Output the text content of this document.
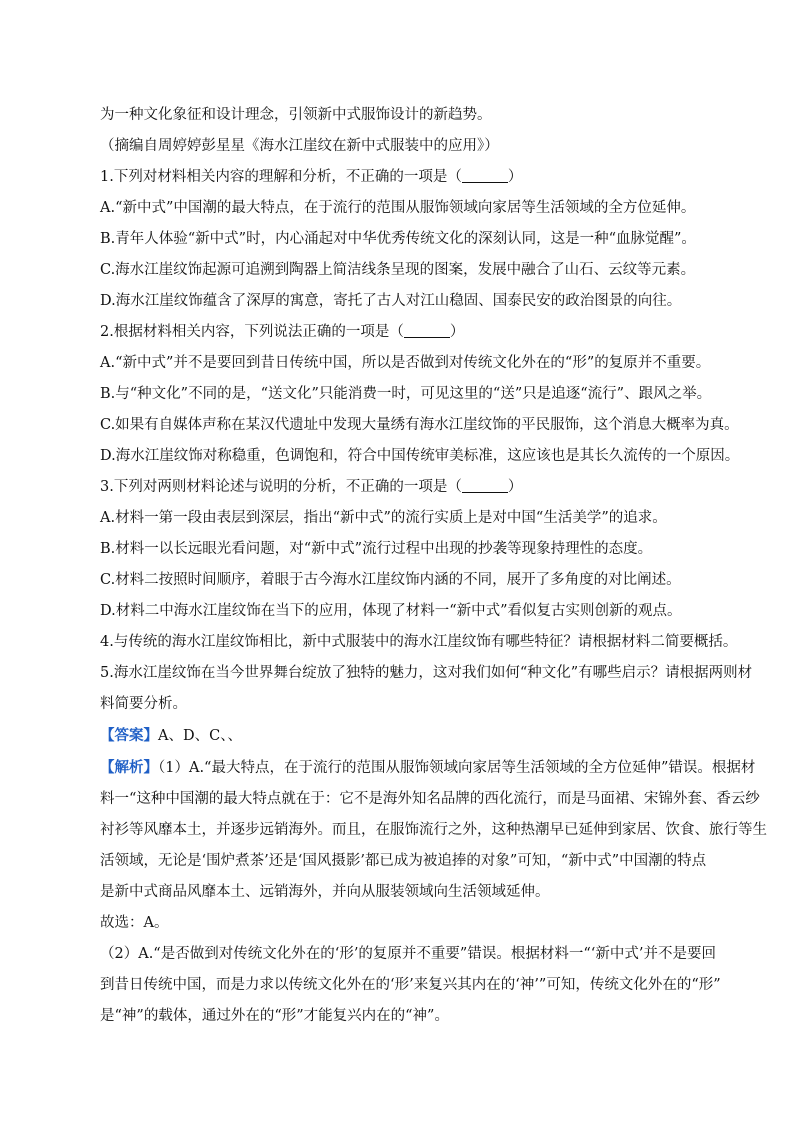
为一种文化象征和设计理念，引领新中式服饰设计的新趋势。
（摘编自周婷婷彭星星《海水江崖纹在新中式服装中的应用》）
1.下列对材料相关内容的理解和分析，不正确的一项是（	）
A.“新中式”中国潮的最大特点，在于流行的范围从服饰领域向家居等生活领域的全方位延伸。
B.青年人体验“新中式”时，内心涌起对中华优秀传统文化的深刻认同，这是一种“血脉觉醒”。
C.海水江崖纹饰起源可追溯到陶器上简洁线条呈现的图案，发展中融合了山石、云纹等元素。
D.海水江崖纹饰蕴含了深厚的寓意，寄托了古人对江山稳固、国泰民安的政治图景的向往。
2.根据材料相关内容，下列说法正确的一项是（	）
A.“新中式”并不是要回到昔日传统中国，所以是否做到对传统文化外在的“形”的复原并不重要。
B.与“种文化”不同的是，“送文化”只能消费一时，可见这里的“送”只是追逐“流行”、跟风之举。
C.如果有自媒体声称在某汉代遗址中发现大量绣有海水江崖纹饰的平民服饰，这个消息大概率为真。
D.海水江崖纹饰对称稳重，色调饱和，符合中国传统审美标准，这应该也是其长久流传的一个原因。
3.下列对两则材料论述与说明的分析，不正确的一项是（	）
A.材料一第一段由表层到深层，指出“新中式”的流行实质上是对中国“生活美学”的追求。
B.材料一以长远眼光看问题，对“新中式”流行过程中出现的抄袭等现象持理性的态度。
C.材料二按照时间顺序，着眼于古今海水江崖纹饰内涵的不同，展开了多角度的对比阐述。
D.材料二中海水江崖纹饰在当下的应用，体现了材料一“新中式”看似复古实则创新的观点。
4.与传统的海水江崖纹饰相比，新中式服装中的海水江崖纹饰有哪些特征？请根据材料二简要概括。
5.海水江崖纹饰在当今世界舞台绽放了独特的魅力，这对我们如何“种文化”有哪些启示？请根据两则材
料简要分析。
【答案】A、D、C、、
【解析】（1）A.“最大特点，在于流行的范围从服饰领域向家居等生活领域的全方位延伸”错误。根据材
料一“这种中国潮的最大特点就在于：它不是海外知名品牌的西化流行，而是马面裙、宋锦外套、香云纱
衬衫等风靡本土，并逐步远销海外。而且，在服饰流行之外，这种热潮早已延伸到家居、饮食、旅行等生
活领域，无论是‘围炉煮茶’还是‘国风摄影’都已成为被追捧的对象”可知，“新中式”中国潮的特点
是新中式商品风靡本土、远销海外，并向从服装领域向生活领域延伸。
故选：A。
（2）A.“是否做到对传统文化外在的‘形’的复原并不重要”错误。根据材料一“‘新中式’并不是要回
到昔日传统中国，而是力求以传统文化外在的‘形’来复兴其内在的‘神’”可知，传统文化外在的“形”
是“神”的载体，通过外在的“形”才能复兴内在的“神”。
